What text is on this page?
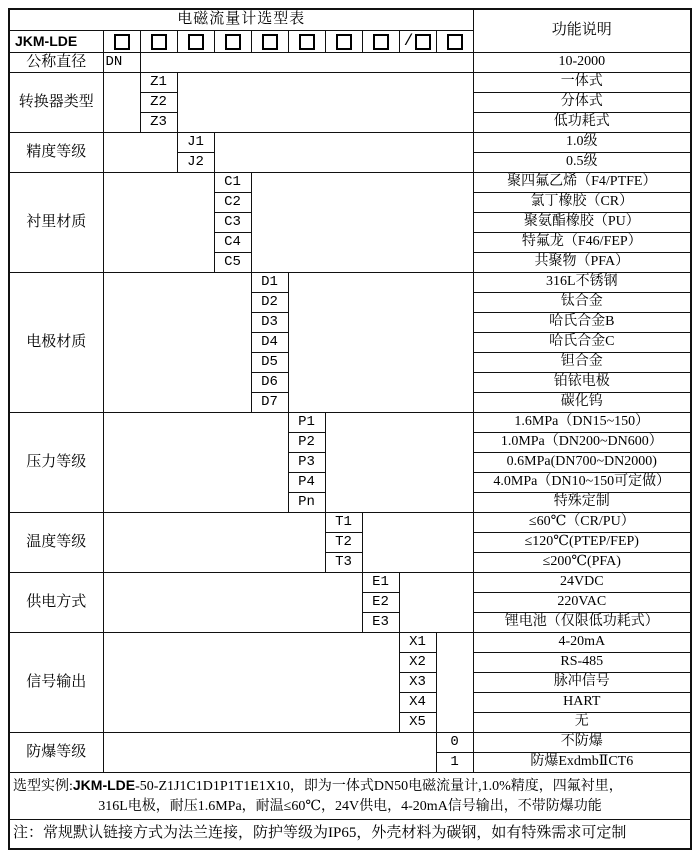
电磁流量计选型表											功能说明
JKM-LDE									/		
公称直径	DN										10-2000
转换器类型		Z1									一体式
		Z2									分体式
		Z3									低功耗式
精度等级			J1								1.0级
			J2								0.5级
衬里材质				C1							聚四氟乙烯（F4/PTFE）
				C2							氯丁橡胶（CR）
				C3							聚氨酯橡胶（PU）
				C4							特氟龙（F46/FEP）
				C5							共聚物（PFA）
电极材质					D1						316L不锈钢
					D2						钛合金
					D3						哈氏合金B
					D4						哈氏合金C
					D5						钽合金
					D6						铂铱电极
					D7						碳化钨
压力等级						P1					1.6MPa（DN15~150）
						P2					1.0MPa（DN200~DN600）
						P3					0.6MPa(DN700~DN2000)
						P4					4.0MPa（DN10~150可定做）
						Pn					特殊定制
温度等级							T1				≤60℃（CR/PU）
							T2				≤120℃(PTEP/FEP)
							T3				≤200℃(PFA)
供电方式								E1			24VDC
								E2			220VAC
								E3			锂电池（仅限低功耗式）
信号输出									X1		4-20mA
									X2		RS-485
									X3		脉冲信号
									X4		HART
									X5		无
防爆等级										0	不防爆
										1	防爆ExdmbⅡCT6

选型实例:JKM-LDE-50-Z1J1C1D1P1T1E1X10，即为一体式DN50电磁流量计,1.0%精度，四氟衬里，
316L电极，耐压1.6MPa，耐温≤60℃，24V供电，4-20mA信号输出，不带防爆功能											

注：常规默认链接方式为法兰连接，防护等级为IP65，外壳材料为碳钢，如有特殊需求可定制											
